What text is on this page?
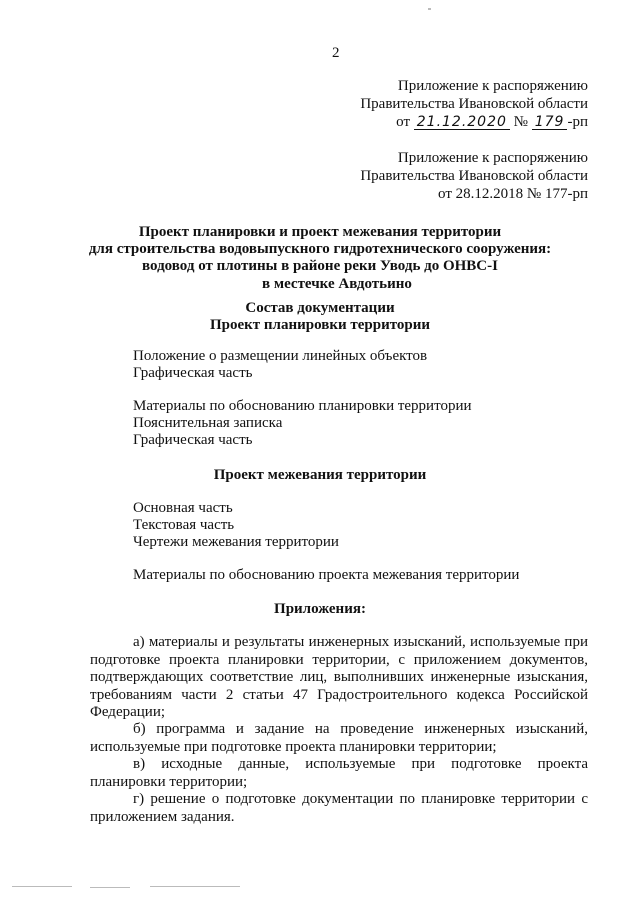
2
Приложение к распоряжению
Правительства Ивановской области
от 21.12.2020 № 179 -рп
Приложение к распоряжению
Правительства Ивановской области
от 28.12.2018 № 177-рп
Проект планировки и проект межевания территории
для строительства водовыпускного гидротехнического сооружения:
водовод от плотины в районе реки Уводь до ОНВС-I
в местечке Авдотьино
Состав документации
Проект планировки территории
Положение о размещении линейных объектов
Графическая часть
Материалы по обоснованию планировки территории
Пояснительная записка
Графическая часть
Проект межевания территории
Основная часть
Текстовая часть
Чертежи межевания территории
Материалы по обоснованию проекта межевания территории
Приложения:
а) материалы и результаты инженерных изысканий, используемые при подготовке проекта планировки территории, с приложением документов, подтверждающих соответствие лиц, выполнивших инженерные изыскания, требованиям части 2 статьи 47 Градостроительного кодекса Российской Федерации;
б) программа и задание на проведение инженерных изысканий, используемые при подготовке проекта планировки территории;
в) исходные данные, используемые при подготовке проекта планировки территории;
г) решение о подготовке документации по планировке территории с приложением задания.
